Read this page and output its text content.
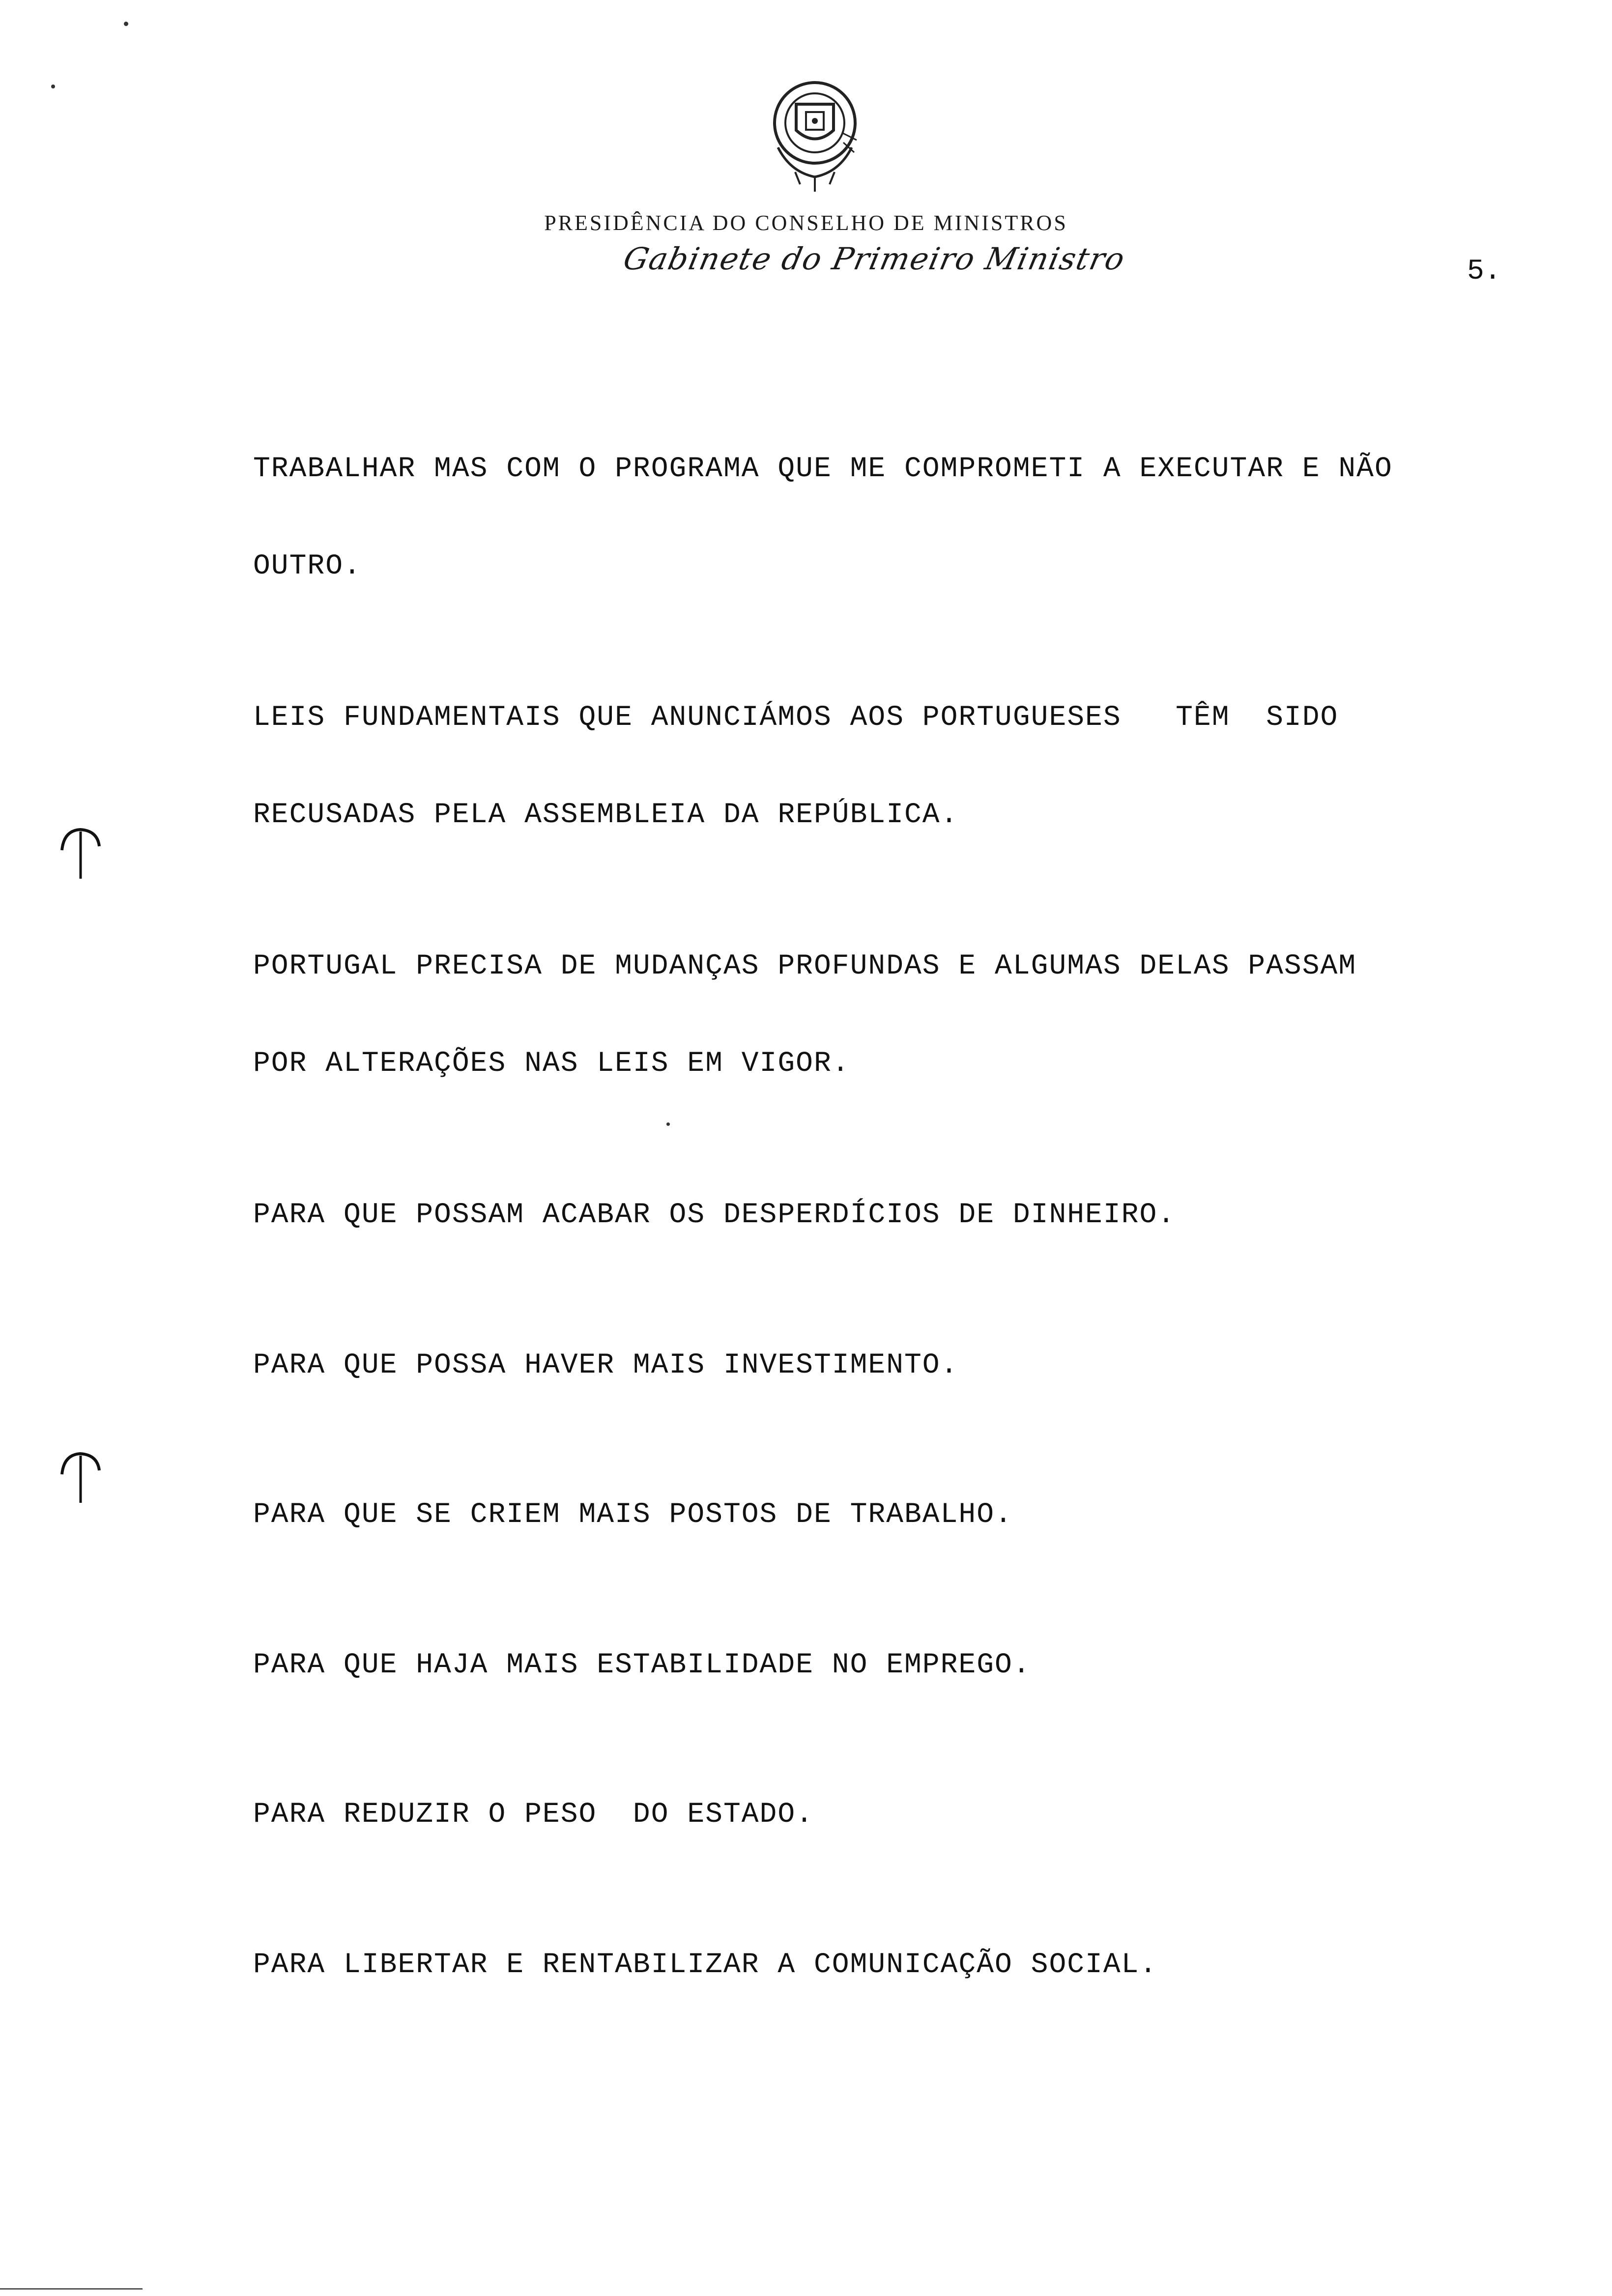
PRESIDÊNCIA DO CONSELHO DE MINISTROS
Gabinete do Primeiro Ministro	5.
TRABALHAR MAS COM O PROGRAMA QUE ME COMPROMETI A EXECUTAR E NÃO
OUTRO.
LEIS FUNDAMENTAIS QUE ANUNCIÁMOS AOS PORTUGUESES   TÊM  SIDO
RECUSADAS PELA ASSEMBLEIA DA REPÚBLICA.
PORTUGAL PRECISA DE MUDANÇAS PROFUNDAS E ALGUMAS DELAS PASSAM
POR ALTERAÇÕES NAS LEIS EM VIGOR.
PARA QUE POSSAM ACABAR OS DESPERDÍCIOS DE DINHEIRO.
PARA QUE POSSA HAVER MAIS INVESTIMENTO.
PARA QUE SE CRIEM MAIS POSTOS DE TRABALHO.
PARA QUE HAJA MAIS ESTABILIDADE NO EMPREGO.
PARA REDUZIR O PESO  DO ESTADO.
PARA LIBERTAR E RENTABILIZAR A COMUNICAÇÃO SOCIAL.
